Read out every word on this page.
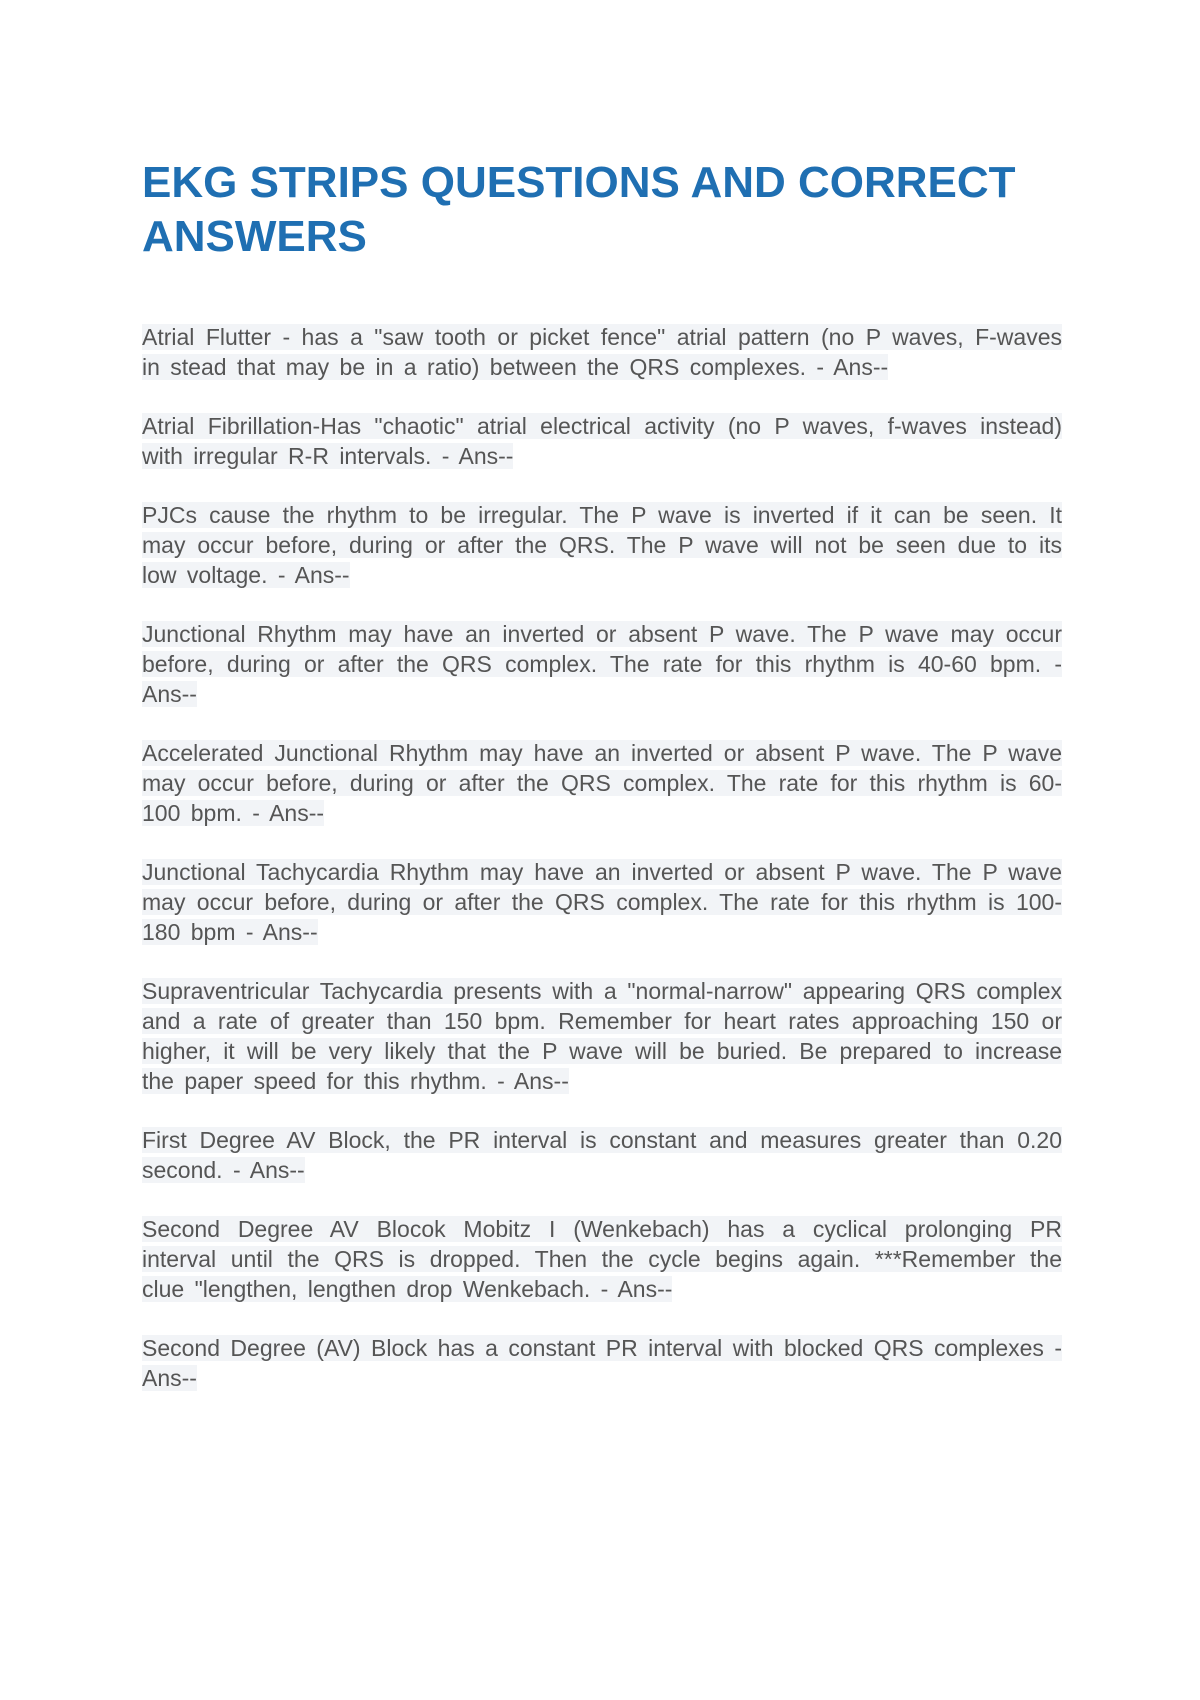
EKG STRIPS QUESTIONS AND CORRECT ANSWERS

Atrial Flutter - has a "saw tooth or picket fence" atrial pattern (no P waves, F-waves in stead that may be in a ratio) between the QRS complexes. - Ans--

Atrial Fibrillation-Has "chaotic" atrial electrical activity (no P waves, f-waves instead) with irregular R-R intervals. - Ans--

PJCs cause the rhythm to be irregular. The P wave is inverted if it can be seen. It may occur before, during or after the QRS. The P wave will not be seen due to its low voltage. - Ans--

Junctional Rhythm may have an inverted or absent P wave. The P wave may occur before, during or after the QRS complex. The rate for this rhythm is 40-60 bpm. - Ans--

Accelerated Junctional Rhythm may have an inverted or absent P wave. The P wave may occur before, during or after the QRS complex. The rate for this rhythm is 60-100 bpm. - Ans--

Junctional Tachycardia Rhythm may have an inverted or absent P wave. The P wave may occur before, during or after the QRS complex. The rate for this rhythm is 100-180 bpm - Ans--

Supraventricular Tachycardia presents with a "normal-narrow" appearing QRS complex and a rate of greater than 150 bpm. Remember for heart rates approaching 150 or higher, it will be very likely that the P wave will be buried. Be prepared to increase the paper speed for this rhythm. - Ans--

First Degree AV Block, the PR interval is constant and measures greater than 0.20 second. - Ans--

Second Degree AV Blocok Mobitz I (Wenkebach) has a cyclical prolonging PR interval until the QRS is dropped. Then the cycle begins again. ***Remember the clue "lengthen, lengthen drop Wenkebach. - Ans--

Second Degree (AV) Block has a constant PR interval with blocked QRS complexes - Ans--
